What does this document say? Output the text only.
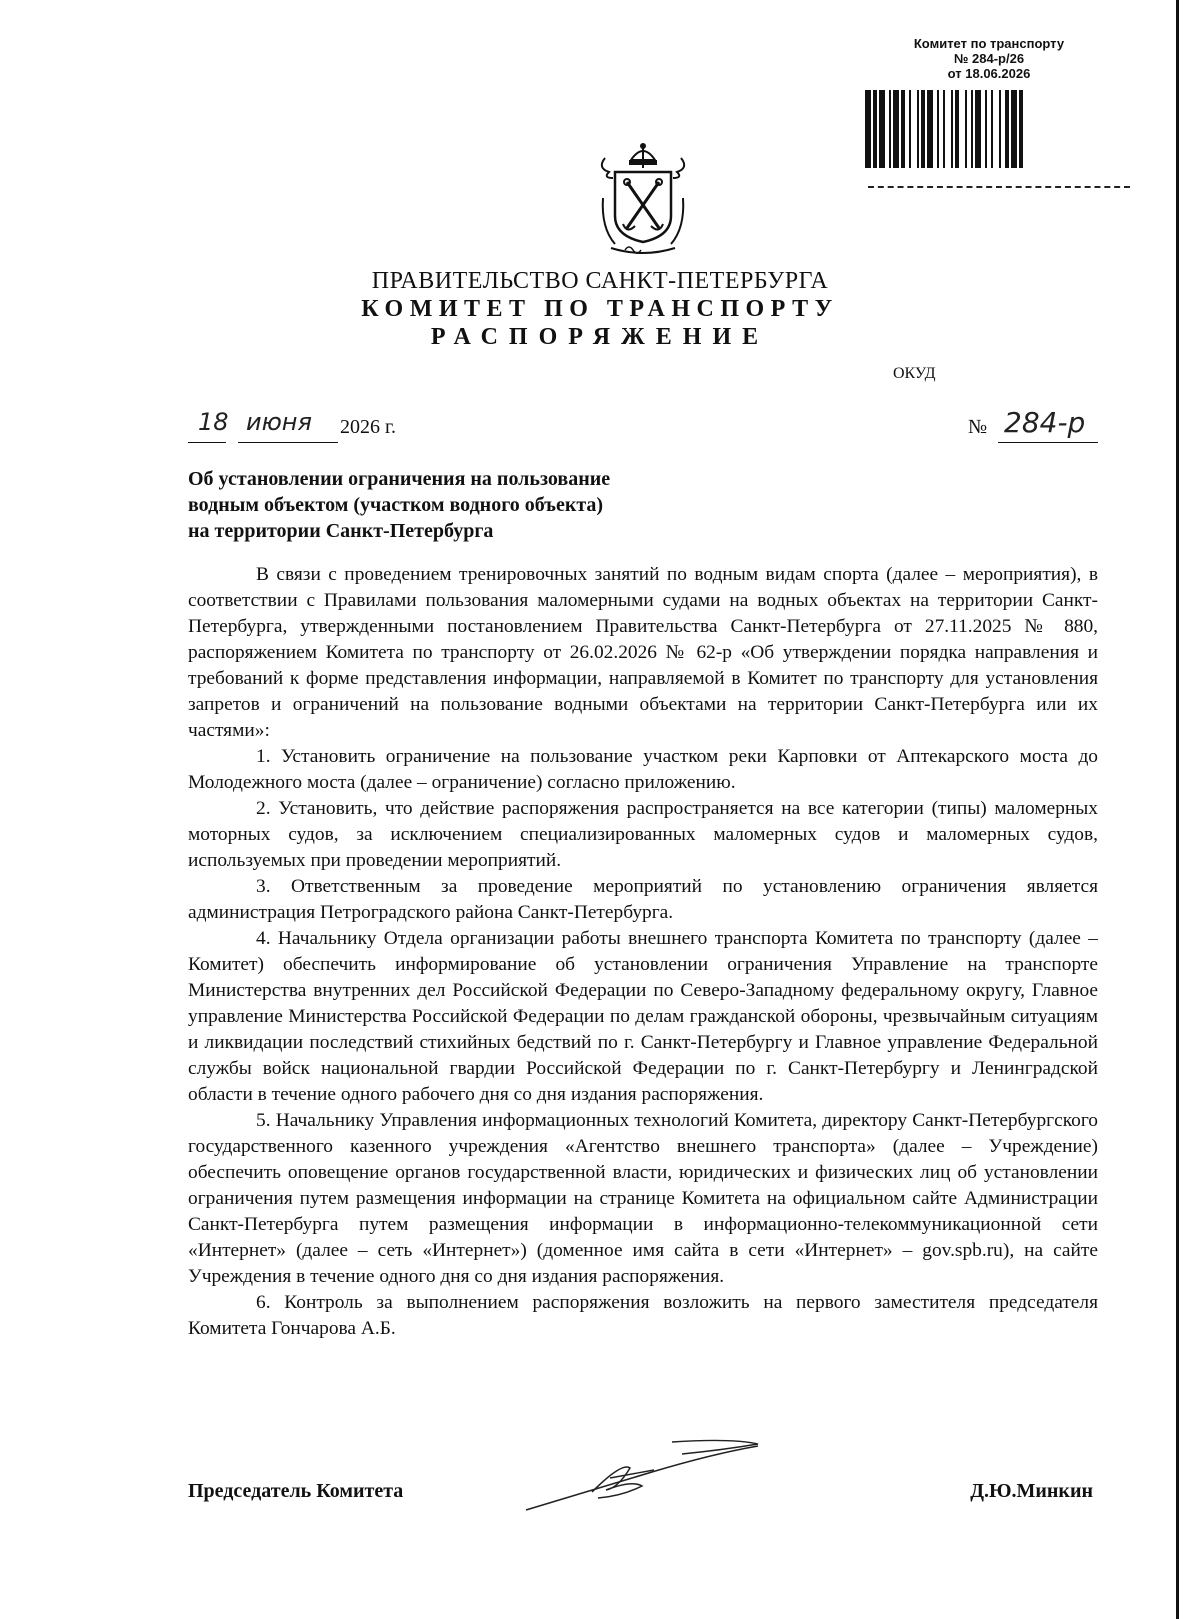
Комитет по транспорту
№ 284-р/26
от 18.06.2026
ПРАВИТЕЛЬСТВО САНКТ-ПЕТЕРБУРГА
КОМИТЕТ ПО ТРАНСПОРТУ
РАСПОРЯЖЕНИЕ
ОКУД
18 июня 2026 г.	№ 284-р
Об установлении ограничения на пользование
водным объектом (участком водного объекта)
на территории Санкт-Петербурга

В связи с проведением тренировочных занятий по водным видам спорта (далее – мероприятия), в соответствии с Правилами пользования маломерными судами на водных объектах на территории Санкт-Петербурга, утвержденными постановлением Правительства Санкт-Петербурга от 27.11.2025 № 880, распоряжением Комитета по транспорту от 26.02.2026 № 62-р «Об утверждении порядка направления и требований к форме представления информации, направляемой в Комитет по транспорту для установления запретов и ограничений на пользование водными объектами на территории Санкт-Петербурга или их частями»:

1. Установить ограничение на пользование участком реки Карповки от Аптекарского моста до Молодежного моста (далее – ограничение) согласно приложению.

2. Установить, что действие распоряжения распространяется на все категории (типы) маломерных моторных судов, за исключением специализированных маломерных судов и маломерных судов, используемых при проведении мероприятий.

3. Ответственным за проведение мероприятий по установлению ограничения является администрация Петроградского района Санкт-Петербурга.

4. Начальнику Отдела организации работы внешнего транспорта Комитета по транспорту (далее – Комитет) обеспечить информирование об установлении ограничения Управление на транспорте Министерства внутренних дел Российской Федерации по Северо-Западному федеральному округу, Главное управление Министерства Российской Федерации по делам гражданской обороны, чрезвычайным ситуациям и ликвидации последствий стихийных бедствий по г. Санкт-Петербургу и Главное управление Федеральной службы войск национальной гвардии Российской Федерации по г. Санкт-Петербургу и Ленинградской области в течение одного рабочего дня со дня издания распоряжения.

5. Начальнику Управления информационных технологий Комитета, директору Санкт-Петербургского государственного казенного учреждения «Агентство внешнего транспорта» (далее – Учреждение) обеспечить оповещение органов государственной власти, юридических и физических лиц об установлении ограничения путем размещения информации на странице Комитета на официальном сайте Администрации Санкт-Петербурга путем размещения информации в информационно-телекоммуникационной сети «Интернет» (далее – сеть «Интернет») (доменное имя сайта в сети «Интернет» – gov.spb.ru), на сайте Учреждения в течение одного дня со дня издания распоряжения.

6. Контроль за выполнением распоряжения возложить на первого заместителя председателя Комитета Гончарова А.Б.

Председатель Комитета	Д.Ю.Минкин
